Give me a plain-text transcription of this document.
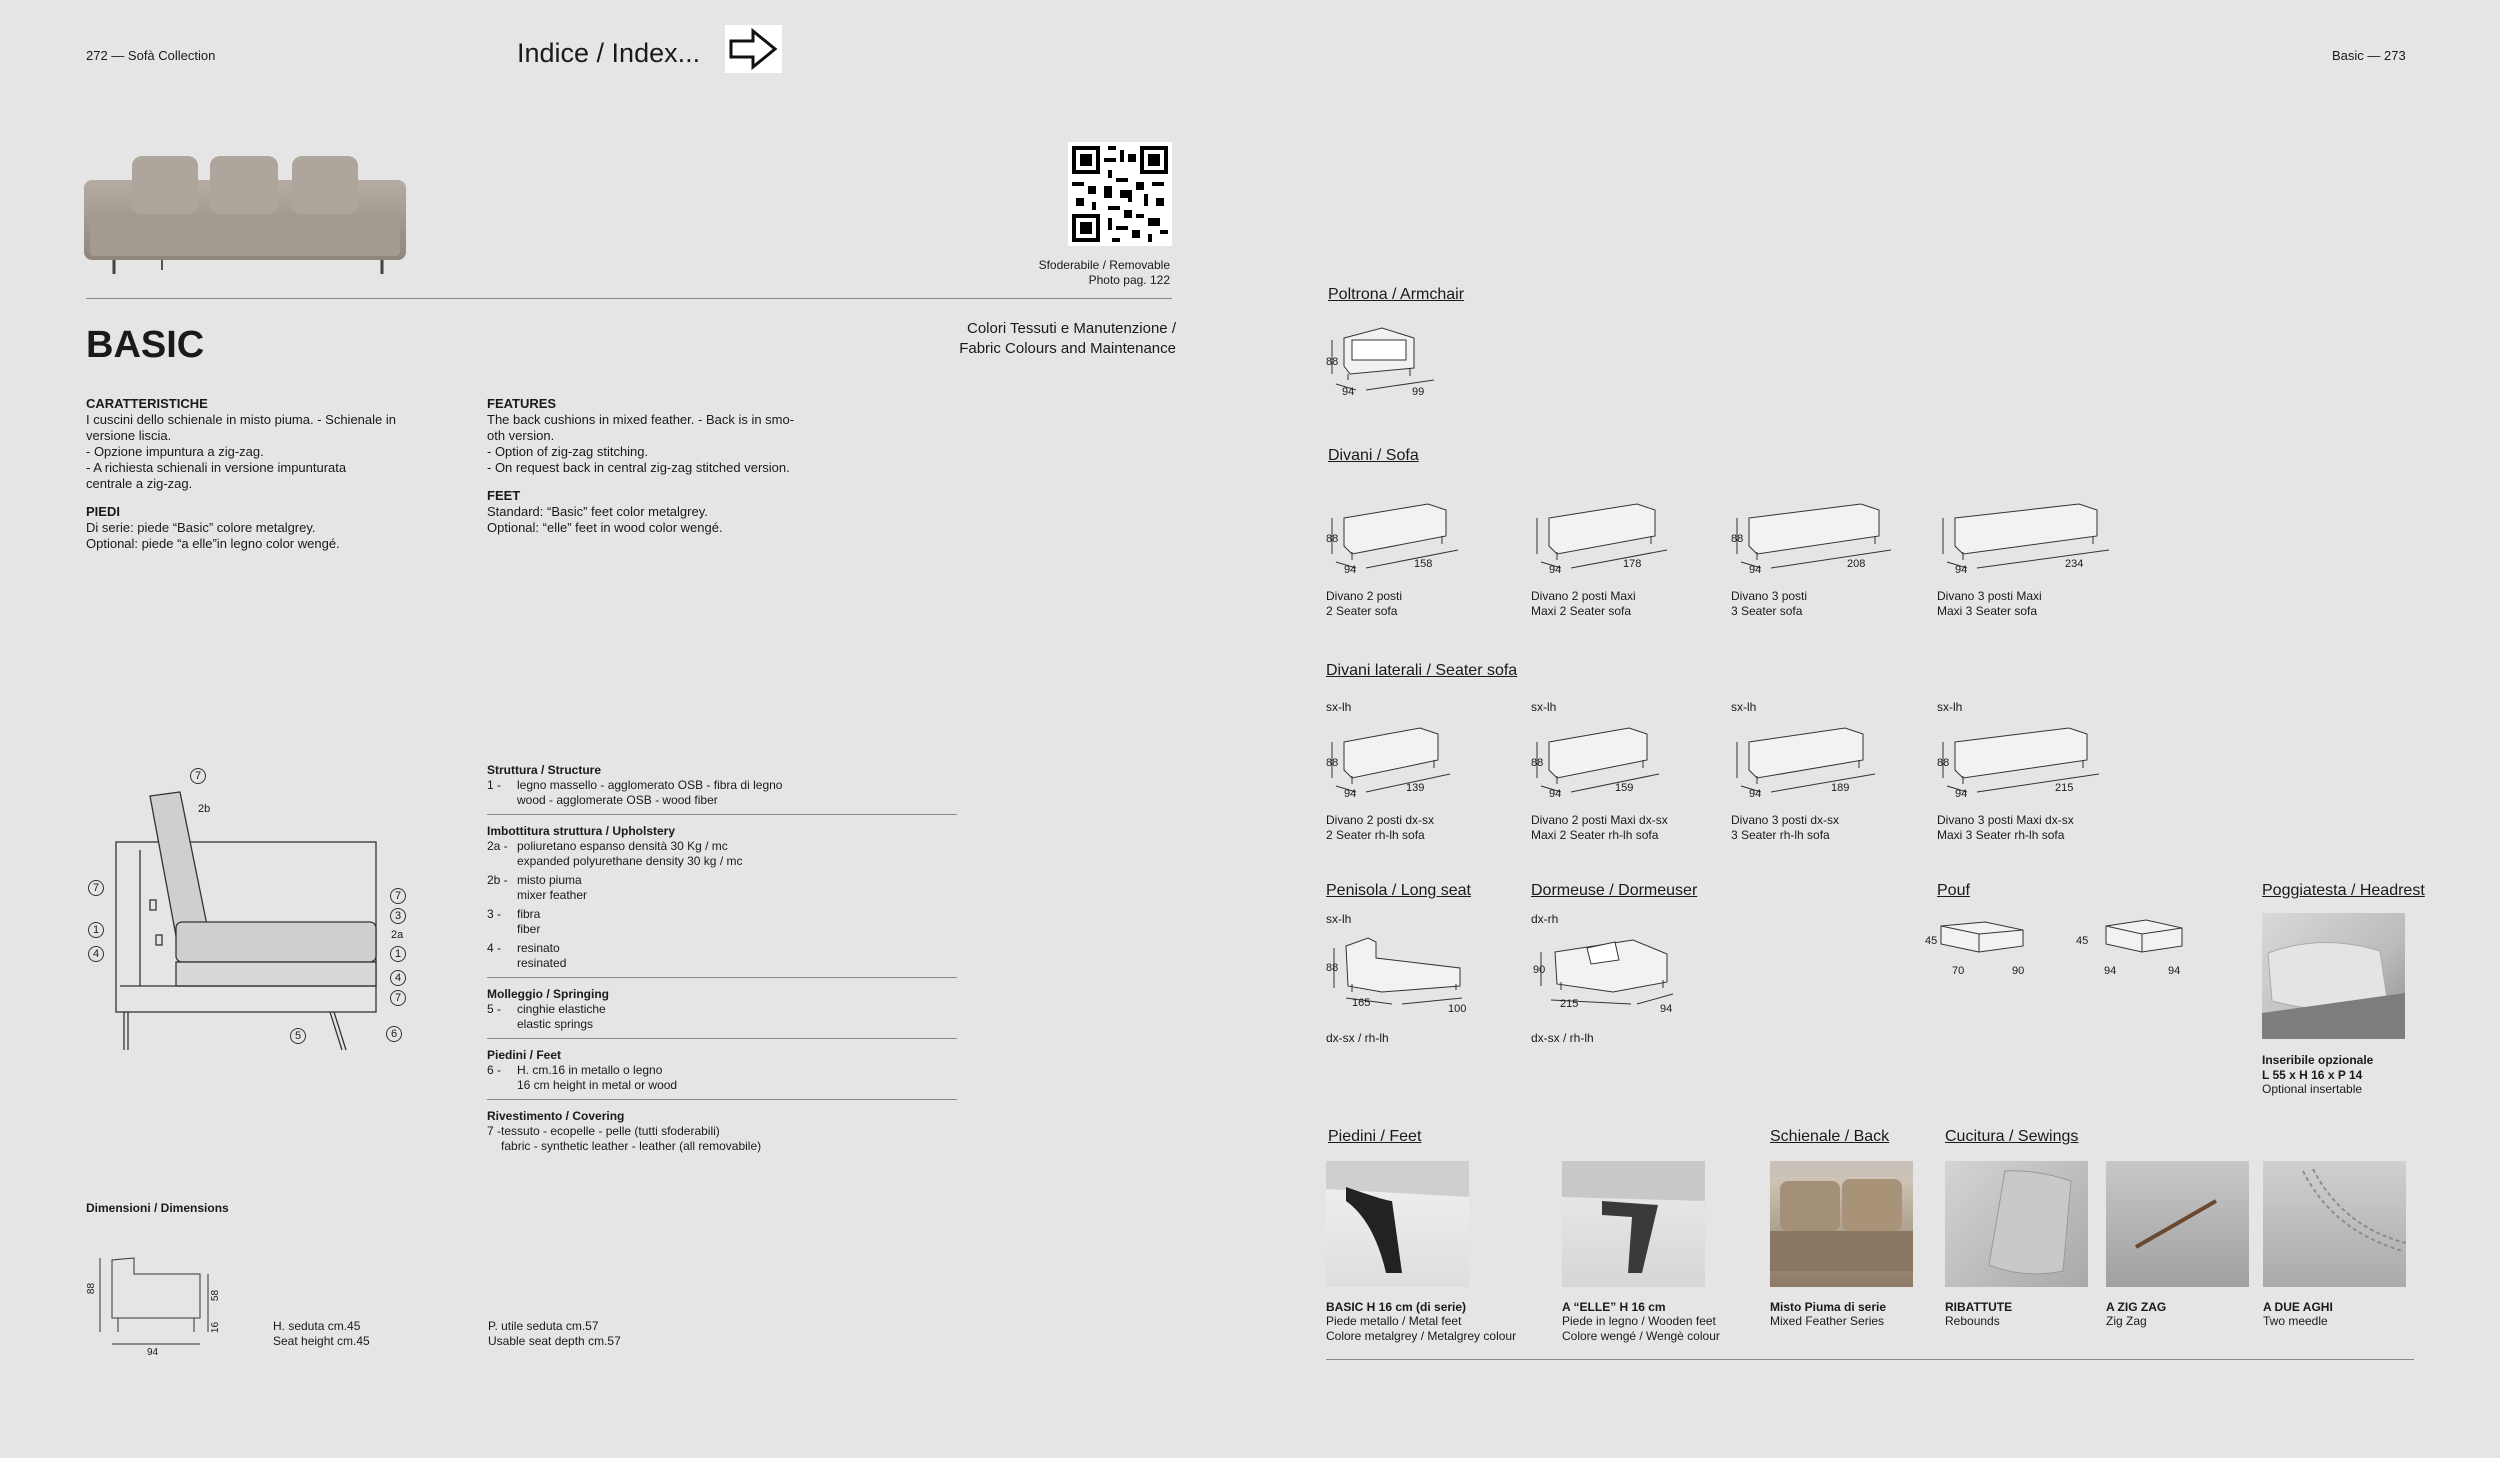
272 — Sofà Collection	Indice / Index...	Basic — 273
Sfoderabile / Removable
Photo pag. 122
BASIC	Colori Tessuti e Manutenzione /
Fabric Colours and Maintenance
CARATTERISTICHE
I cuscini dello schienale in misto piuma. - Schienale in
versione liscia.
- Opzione impuntura a zig-zag.
- A richiesta schienali in versione impunturata
centrale a zig-zag.
PIEDI
Di serie: piede “Basic” colore metalgrey.
Optional: piede “a elle”in legno color wengé.
FEATURES
The back cushions in mixed feather. - Back is in smo-
oth version.
- Option of zig-zag stitching.
- On request back in central zig-zag stitched version.
FEET
Standard: “Basic” feet color metalgrey.
Optional: “elle” feet in wood color wengé.
7
2b
7
1
4
7
3
2a
1
4
7
5	6
Struttura / Structure
1 -	legno massello - agglomerato OSB - fibra di legno
wood - agglomerate OSB - wood fiber
Imbottitura struttura / Upholstery
2a - poliuretano espanso densità 30 Kg / mc
expanded polyurethane density 30 kg / mc
2b - misto piuma
mixer feather
3 -	fibra
fiber
4 -	resinato
resinated
Molleggio / Springing
5 -	cinghie elastiche
elastic springs
Piedini / Feet
6 -	H. cm.16 in metallo o legno
16 cm height in metal or wood
Rivestimento / Covering
7 - tessuto - ecopelle - pelle (tutti sfoderabili)
fabric - synthetic leather - leather (all removabile)
Dimensioni / Dimensions
88
58
16
94
H. seduta cm.45
Seat height cm.45
P. utile seduta cm.57
Usable seat depth cm.57
Poltrona / Armchair
88
94	99
Divani / Sofa
88
94	158
Divano 2 posti
2 Seater sofa
94	178
Divano 2 posti Maxi
Maxi 2 Seater sofa
88
94	208
Divano 3 posti
3 Seater sofa
94	234
Divano 3 posti Maxi
Maxi 3 Seater sofa
Divani laterali / Seater sofa
sx-lh
88
94	139
Divano 2 posti dx-sx
2 Seater rh-lh sofa
sx-lh
88
94	159
Divano 2 posti Maxi dx-sx
Maxi 2 Seater rh-lh sofa
sx-lh
94	189
Divano 3 posti dx-sx
3 Seater rh-lh sofa
sx-lh
88
94	215
Divano 3 posti Maxi dx-sx
Maxi 3 Seater rh-lh sofa
Penisola / Long seat
sx-lh
88
165	100
dx-sx / rh-lh
Dormeuse / Dormeuser
dx-rh
90
215	94
dx-sx / rh-lh
Pouf
45
70	90
45
94	94
Poggiatesta / Headrest
Inseribile opzionale
L 55 x H 16 x P 14
Optional insertable
Piedini / Feet
BASIC H 16 cm (di serie)
Piede metallo / Metal feet
Colore metalgrey / Metalgrey colour
A “ELLE” H 16 cm
Piede in legno / Wooden feet
Colore wengé / Wengè colour
Schienale / Back
Misto Piuma di serie
Mixed Feather Series
Cucitura / Sewings
RIBATTUTE
Rebounds
A ZIG ZAG
Zig Zag
A DUE AGHI
Two meedle
